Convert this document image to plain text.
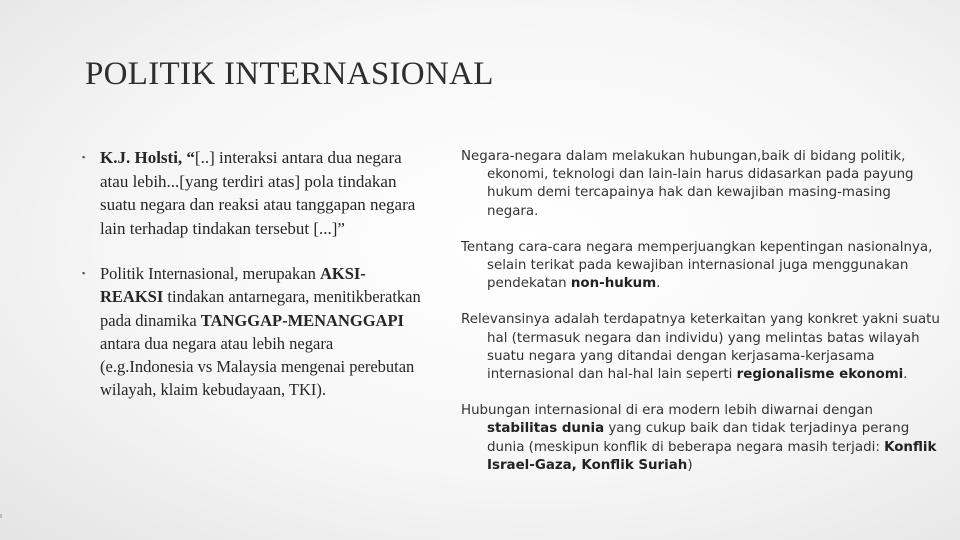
POLITIK INTERNASIONAL
▪ K.J. Holsti, “[..] interaksi antara dua negara atau lebih...[yang terdiri atas] pola tindakan suatu negara dan reaksi atau tanggapan negara lain terhadap tindakan tersebut [...]”
▪ Politik Internasional, merupakan AKSI-REAKSI tindakan antarnegara, menitikberatkan pada dinamika TANGGAP-MENANGGAPI antara dua negara atau lebih negara (e.g.Indonesia vs Malaysia mengenai perebutan wilayah, klaim kebudayaan, TKI).

Negara-negara dalam melakukan hubungan,baik di bidang politik, ekonomi, teknologi dan lain-lain harus didasarkan pada payung hukum demi tercapainya hak dan kewajiban masing-masing negara.

Tentang cara-cara negara memperjuangkan kepentingan nasionalnya, selain terikat pada kewajiban internasional juga menggunakan pendekatan non-hukum.

Relevansinya adalah terdapatnya keterkaitan yang konkret yakni suatu hal (termasuk negara dan individu) yang melintas batas wilayah suatu negara yang ditandai dengan kerjasama-kerjasama internasional dan hal-hal lain seperti regionalisme ekonomi.

Hubungan internasional di era modern lebih diwarnai dengan stabilitas dunia yang cukup baik dan tidak terjadinya perang dunia (meskipun konflik di beberapa negara masih terjadi: Konflik Israel-Gaza, Konflik Suriah)
